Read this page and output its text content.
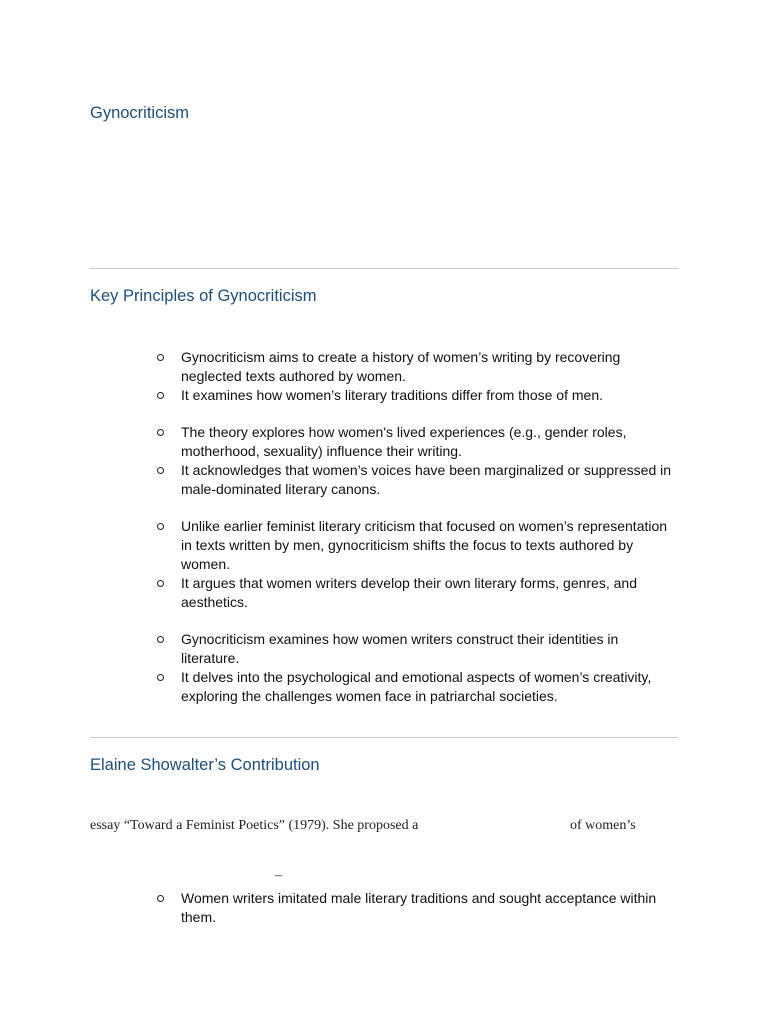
Gynocriticism
Key Principles of Gynocriticism
Gynocriticism aims to create a history of women’s writing by recovering neglected texts authored by women.
It examines how women’s literary traditions differ from those of men.
The theory explores how women's lived experiences (e.g., gender roles, motherhood, sexuality) influence their writing.
It acknowledges that women’s voices have been marginalized or suppressed in male-dominated literary canons.
Unlike earlier feminist literary criticism that focused on women’s representation in texts written by men, gynocriticism shifts the focus to texts authored by women.
It argues that women writers develop their own literary forms, genres, and aesthetics.
Gynocriticism examines how women writers construct their identities in literature.
It delves into the psychological and emotional aspects of women’s creativity, exploring the challenges women face in patriarchal societies.
Elaine Showalter’s Contribution
essay “Toward a Feminist Poetics” (1979). She proposed a	of women’s
–
Women writers imitated male literary traditions and sought acceptance within them.
